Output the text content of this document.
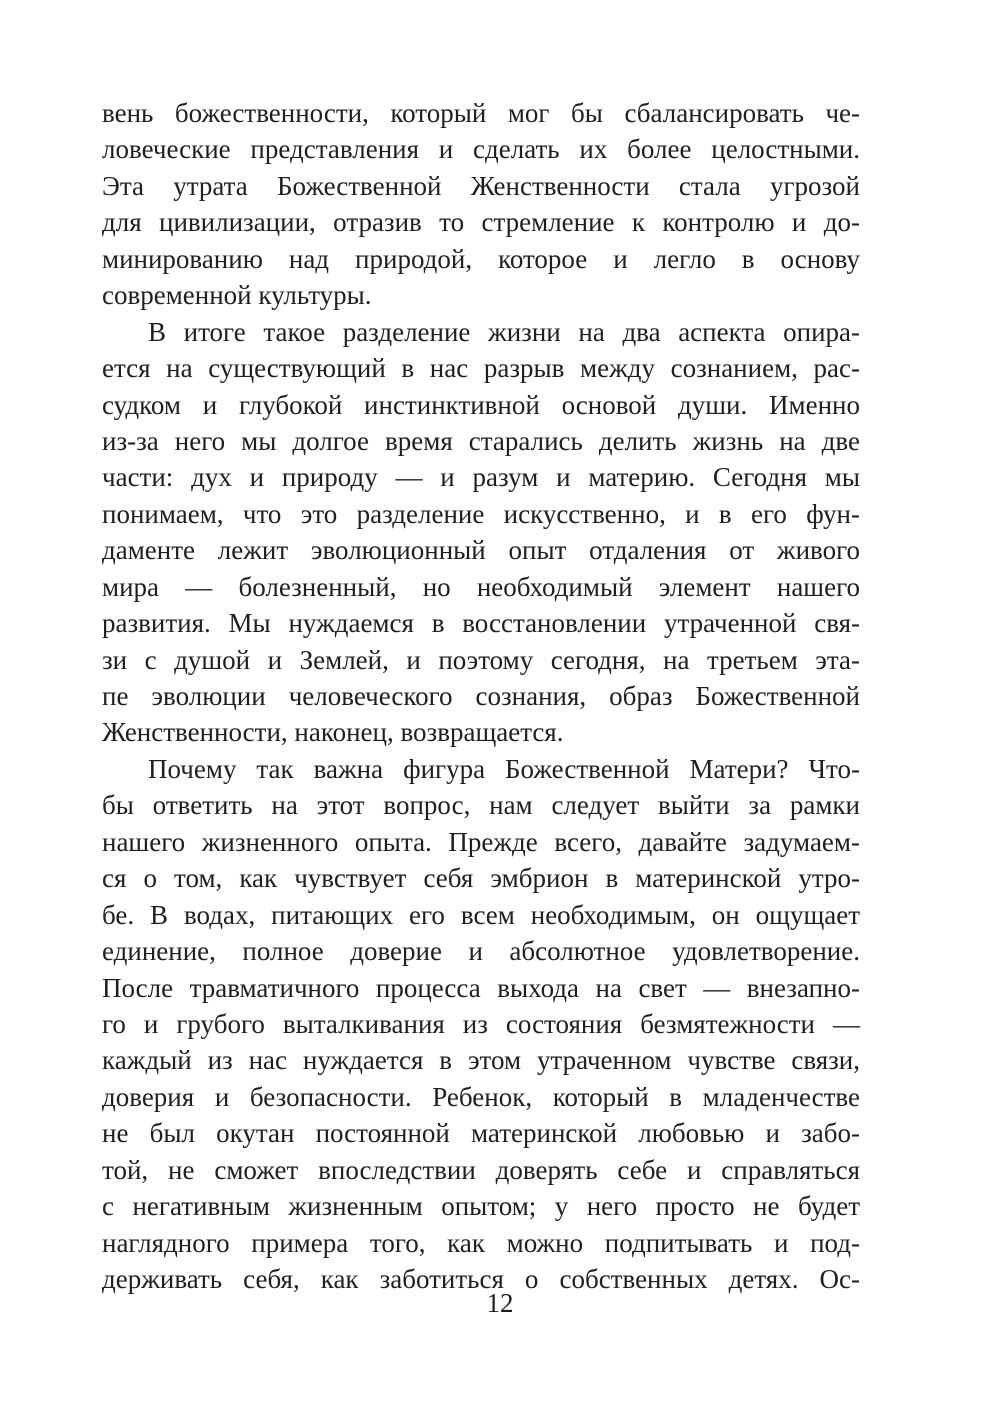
вень божественности, который мог бы сбалансировать че-
ловеческие представления и сделать их более целостными.
Эта утрата Божественной Женственности стала угрозой
для цивилизации, отразив то стремление к контролю и до-
минированию над природой, которое и легло в основу
современной культуры.
В итоге такое разделение жизни на два аспекта опира-
ется на существующий в нас разрыв между сознанием, рас-
судком и глубокой инстинктивной основой души. Именно
из-за него мы долгое время старались делить жизнь на две
части: дух и природу — и разум и материю. Сегодня мы
понимаем, что это разделение искусственно, и в его фун-
даменте лежит эволюционный опыт отдаления от живого
мира — болезненный, но необходимый элемент нашего
развития. Мы нуждаемся в восстановлении утраченной свя-
зи с душой и Землей, и поэтому сегодня, на третьем эта-
пе эволюции человеческого сознания, образ Божественной
Женственности, наконец, возвращается.
Почему так важна фигура Божественной Матери? Что-
бы ответить на этот вопрос, нам следует выйти за рамки
нашего жизненного опыта. Прежде всего, давайте задумаем-
ся о том, как чувствует себя эмбрион в материнской утро-
бе. В водах, питающих его всем необходимым, он ощущает
единение, полное доверие и абсолютное удовлетворение.
После травматичного процесса выхода на свет — внезапно-
го и грубого выталкивания из состояния безмятежности —
каждый из нас нуждается в этом утраченном чувстве связи,
доверия и безопасности. Ребенок, который в младенчестве
не был окутан постоянной материнской любовью и забо-
той, не сможет впоследствии доверять себе и справляться
с негативным жизненным опытом; у него просто не будет
наглядного примера того, как можно подпитывать и под-
держивать себя, как заботиться о собственных детях. Ос-
12
